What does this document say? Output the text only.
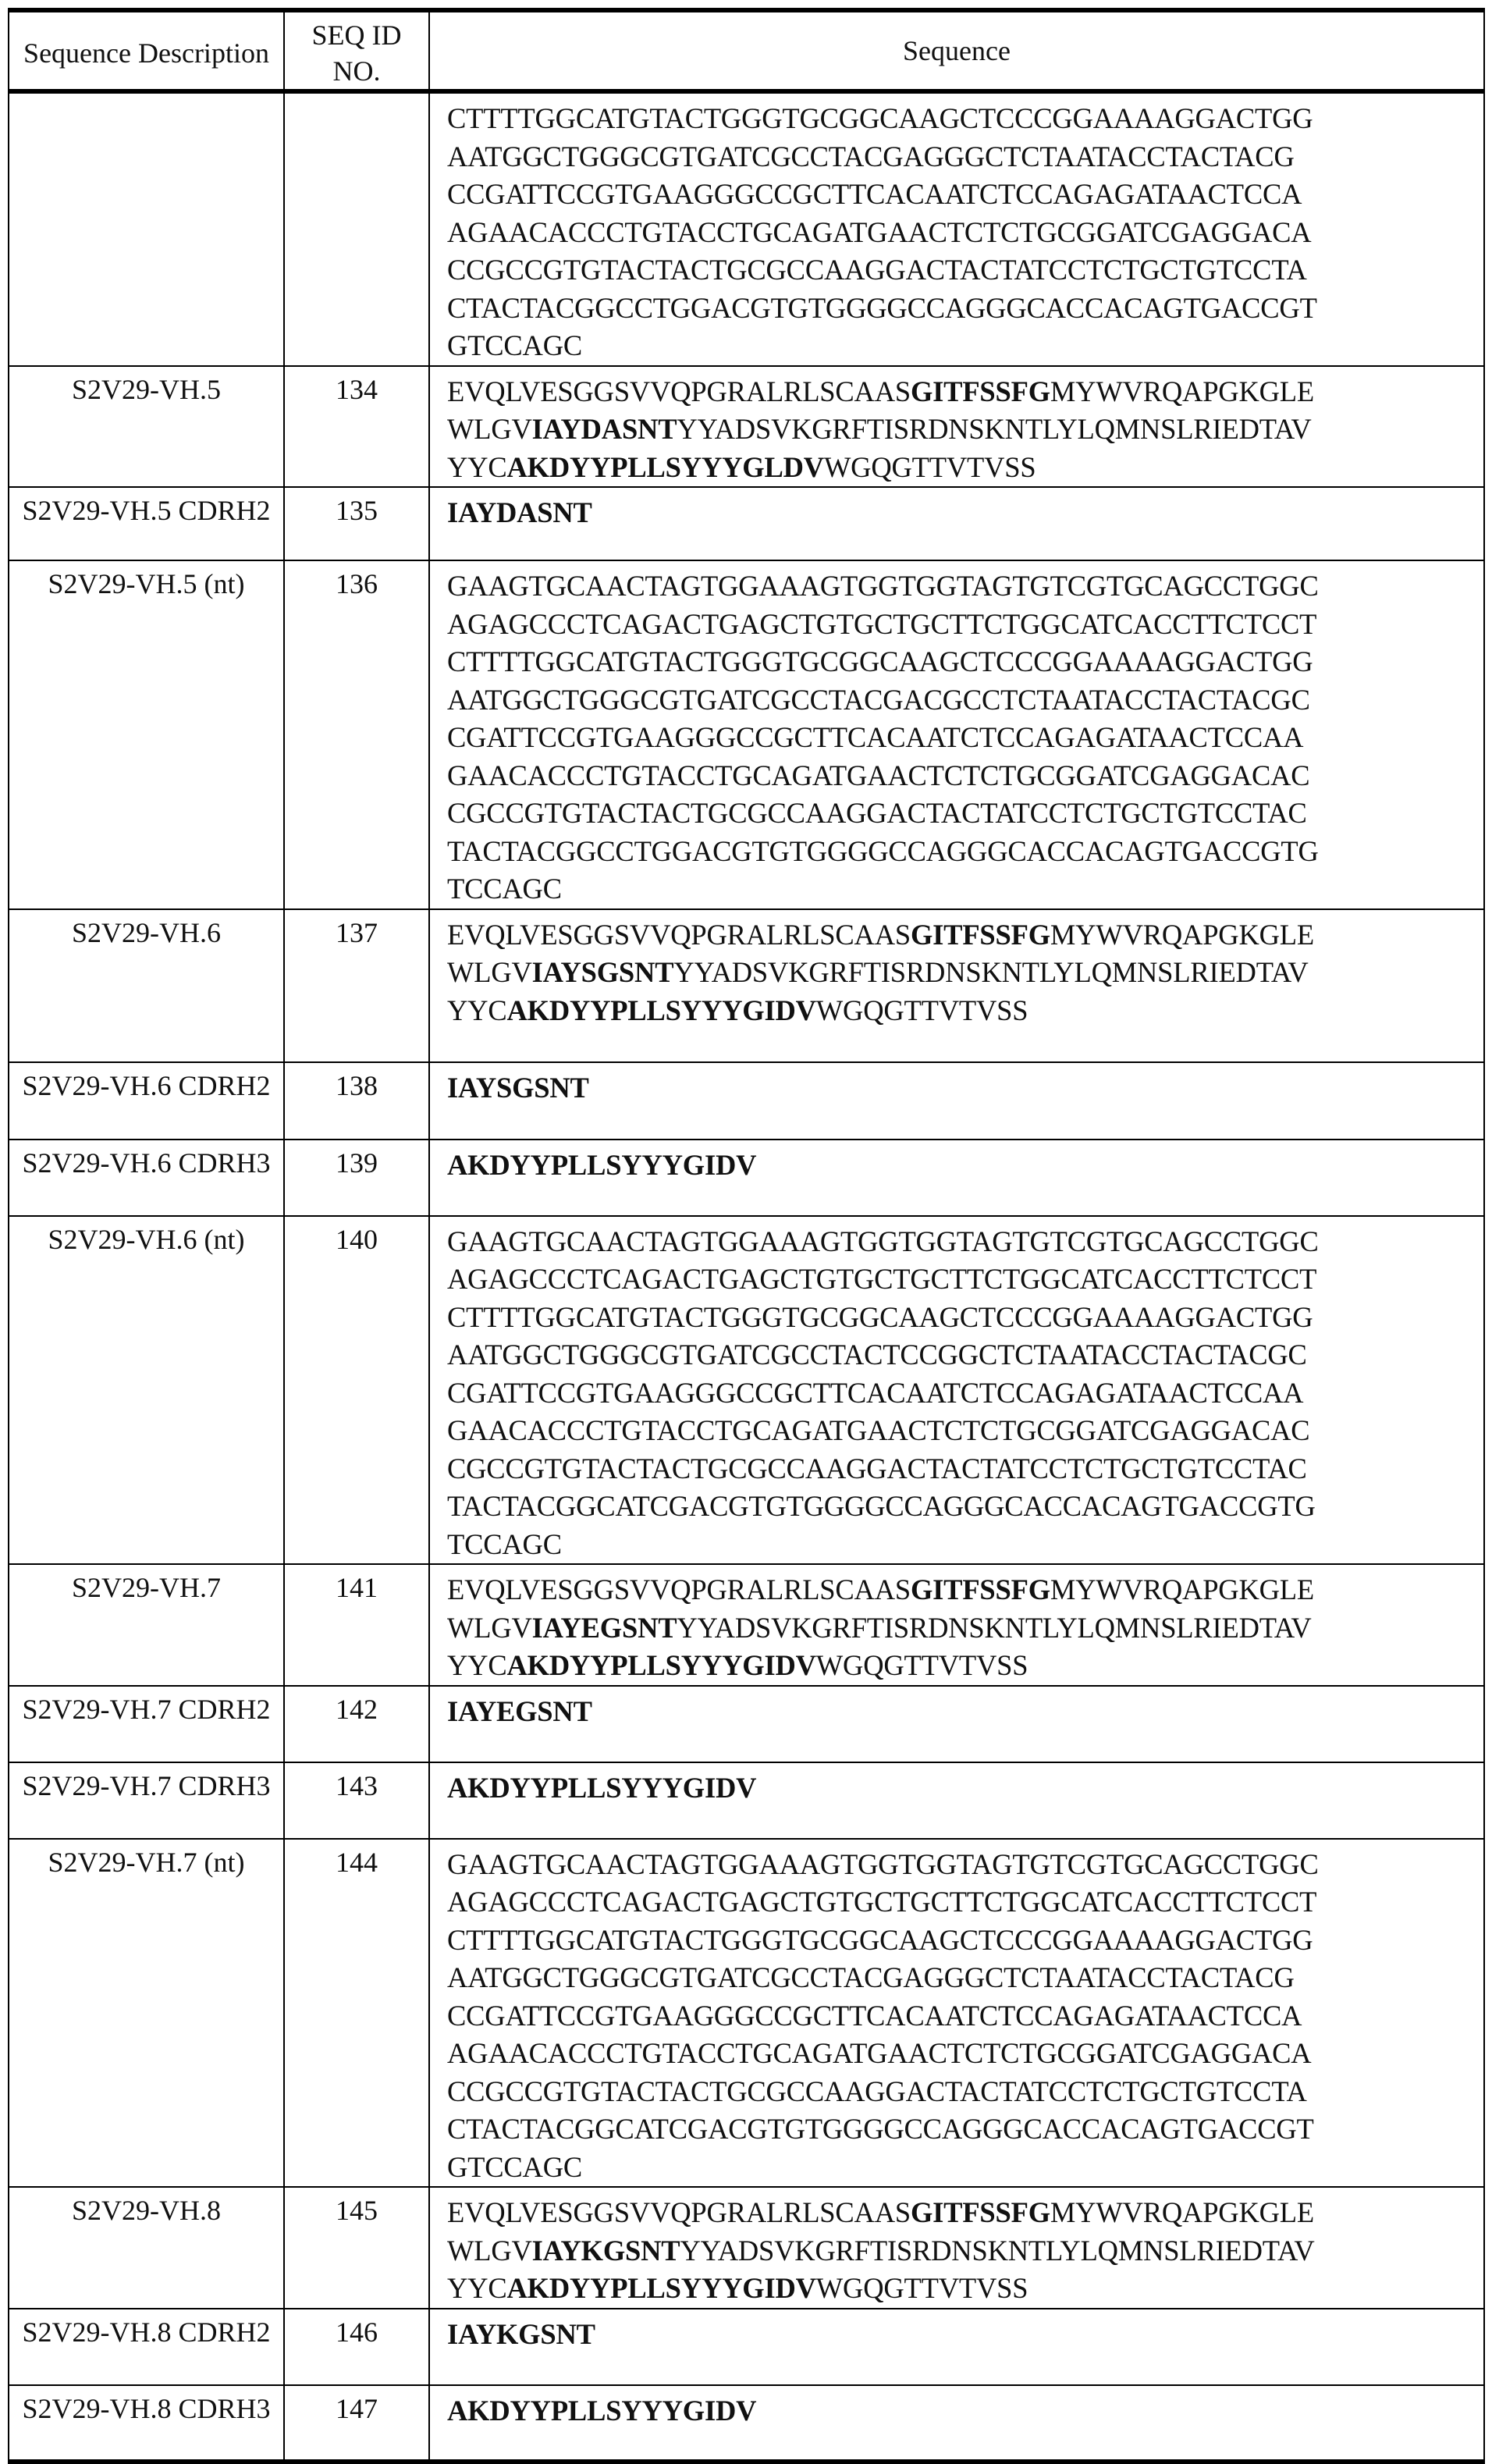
Sequence Description	SEQ ID NO.	Sequence

CTTTTGGCATGTACTGGGTGCGGCAAGCTCCCGGAAAAGGACTGG
AATGGCTGGGCGTGATCGCCTACGAGGGCTCTAATACCTACTACG
CCGATTCCGTGAAGGGCCGCTTCACAATCTCCAGAGATAACTCCA
AGAACACCCTGTACCTGCAGATGAACTCTCTGCGGATCGAGGACA
CCGCCGTGTACTACTGCGCCAAGGACTACTATCCTCTGCTGTCCTA
CTACTACGGCCTGGACGTGTGGGGCCAGGGCACCACAGTGACCGT
GTCCAGC

S2V29-VH.5	134	EVQLVESGGSVVQPGRALRLSCAASGITFSSFGMYWVRQAPGKGLE
WLGVIAYDASNTYYADSVKGRFTISRDNSKNTLYLQMNSLRIEDTAV
YYCAKDYYPLLSYYYGLDVWGQGTTVTVSS

S2V29-VH.5 CDRH2	135	IAYDASNT

S2V29-VH.5 (nt)	136	GAAGTGCAACTAGTGGAAAGTGGTGGTAGTGTCGTGCAGCCTGGC
AGAGCCCTCAGACTGAGCTGTGCTGCTTCTGGCATCACCTTCTCCT
CTTTTGGCATGTACTGGGTGCGGCAAGCTCCCGGAAAAGGACTGG
AATGGCTGGGCGTGATCGCCTACGACGCCTCTAATACCTACTACGC
CGATTCCGTGAAGGGCCGCTTCACAATCTCCAGAGATAACTCCAA
GAACACCCTGTACCTGCAGATGAACTCTCTGCGGATCGAGGACAC
CGCCGTGTACTACTGCGCCAAGGACTACTATCCTCTGCTGTCCTAC
TACTACGGCCTGGACGTGTGGGGCCAGGGCACCACAGTGACCGTG
TCCAGC

S2V29-VH.6	137	EVQLVESGGSVVQPGRALRLSCAASGITFSSFGMYWVRQAPGKGLE
WLGVIAYSGSNTYYADSVKGRFTISRDNSKNTLYLQMNSLRIEDTAV
YYCAKDYYPLLSYYYGIDVWGQGTTVTVSS

S2V29-VH.6 CDRH2	138	IAYSGSNT

S2V29-VH.6 CDRH3	139	AKDYYPLLSYYYGIDV

S2V29-VH.6 (nt)	140	GAAGTGCAACTAGTGGAAAGTGGTGGTAGTGTCGTGCAGCCTGGC
AGAGCCCTCAGACTGAGCTGTGCTGCTTCTGGCATCACCTTCTCCT
CTTTTGGCATGTACTGGGTGCGGCAAGCTCCCGGAAAAGGACTGG
AATGGCTGGGCGTGATCGCCTACTCCGGCTCTAATACCTACTACGC
CGATTCCGTGAAGGGCCGCTTCACAATCTCCAGAGATAACTCCAA
GAACACCCTGTACCTGCAGATGAACTCTCTGCGGATCGAGGACAC
CGCCGTGTACTACTGCGCCAAGGACTACTATCCTCTGCTGTCCTAC
TACTACGGCATCGACGTGTGGGGCCAGGGCACCACAGTGACCGTG
TCCAGC

S2V29-VH.7	141	EVQLVESGGSVVQPGRALRLSCAASGITFSSFGMYWVRQAPGKGLE
WLGVIAYEGSNTYYADSVKGRFTISRDNSKNTLYLQMNSLRIEDTAV
YYCAKDYYPLLSYYYGIDVWGQGTTVTVSS

S2V29-VH.7 CDRH2	142	IAYEGSNT

S2V29-VH.7 CDRH3	143	AKDYYPLLSYYYGIDV

S2V29-VH.7 (nt)	144	GAAGTGCAACTAGTGGAAAGTGGTGGTAGTGTCGTGCAGCCTGGC
AGAGCCCTCAGACTGAGCTGTGCTGCTTCTGGCATCACCTTCTCCT
CTTTTGGCATGTACTGGGTGCGGCAAGCTCCCGGAAAAGGACTGG
AATGGCTGGGCGTGATCGCCTACGAGGGCTCTAATACCTACTACG
CCGATTCCGTGAAGGGCCGCTTCACAATCTCCAGAGATAACTCCA
AGAACACCCTGTACCTGCAGATGAACTCTCTGCGGATCGAGGACA
CCGCCGTGTACTACTGCGCCAAGGACTACTATCCTCTGCTGTCCTA
CTACTACGGCATCGACGTGTGGGGCCAGGGCACCACAGTGACCGT
GTCCAGC

S2V29-VH.8	145	EVQLVESGGSVVQPGRALRLSCAASGITFSSFGMYWVRQAPGKGLE
WLGVIAYKGSNTYYADSVKGRFTISRDNSKNTLYLQMNSLRIEDTAV
YYCAKDYYPLLSYYYGIDVWGQGTTVTVSS

S2V29-VH.8 CDRH2	146	IAYKGSNT

S2V29-VH.8 CDRH3	147	AKDYYPLLSYYYGIDV
